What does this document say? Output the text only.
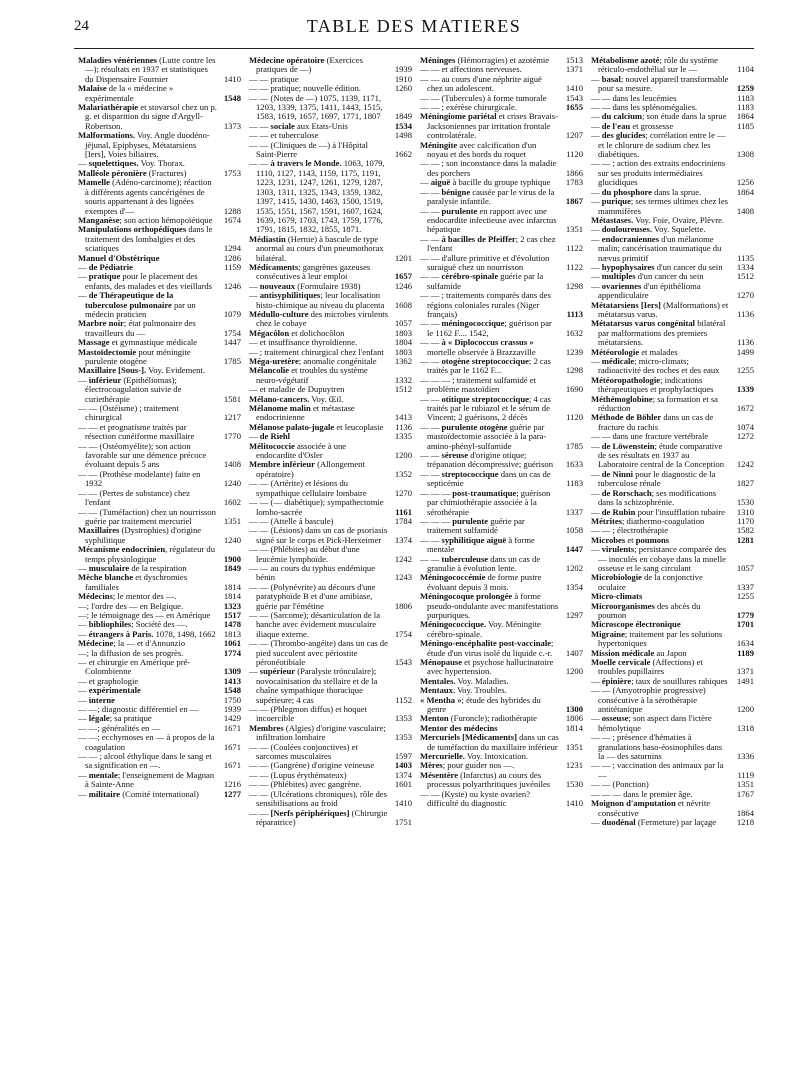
24	TABLE DES MATIERES
Maladies vénériennes (Lutte contre les —); résultats en 1937 et statistiques du Dispensaire Fournier	1410
Malaise de la « médecine » expérimentale	1548
Malariathérapie et stovarsol chez un p. g. et disparition du signe d'Argyll-Robertson.	1373
Malformations. Voy. Angle duodéno-jéjunal, Epiphyses, Métatarsiens [Iers], Voies biliaires.
— squelettiques. Voy. Thorax.
Malléole péronière (Fractures)	1753
Mamelle (Adéno-carcinome); réaction à différents agents cancérigènes de souris appartenant à des lignées exemptes d'—	1288
Manganèse; son action hémopoïétique	1674
Manipulations orthopédiques dans le traitement des lombalgies et des sciatiques	1294
Manuel d'Obstétrique	1286
— de Pédiatrie	1159
— pratique pour le placement des enfants, des malades et des vieillards	1246
— de Thérapeutique de la tuberculose pulmonaire par un médecin praticien	1079
Marbre noir; état pulmonaire des travailleurs du —	1754
Massage et gymnastique médicale	1447
Mastoïdectomie pour méningite purulente otogène	1785
Maxillaire [Sous-]. Voy. Evidement.
— inférieur (Epithéliomas); électrocoagulation suivie de curiethérapie	1581
— — (Ostéisme) ; traitement chirurgical	1217
— — et prognatisme traités par résection cunéiforme maxillaire	1770
— — (Ostéomyélite); son action favorable sur une démence précoce évoluant depuis 5 ans	1408
— — (Prothèse modelante) faite en 1932	1240
— — (Pertes de substance) chez l'enfant	1602
— — (Tuméfaction) chez un nourrisson guérie par traitement mercuriel	1351
Maxillaires (Dystrophies) d'origine syphilitique	1240
Mécanisme endocrinien, régulateur du temps physiologique	1900
— musculaire de la respiration	1849
Mèche blanche et dyschromies familiales	1814
Médecins; le mentor des —.	1814
—; l'ordre des — en Belgique.	1323
—; le témoignage des — en Amérique	1517
— bibliophiles; Société des —.	1478
— étrangers à Paris. 1078, 1498, 1662 1813
Médecine; la — et d'Annunzio	1061
—; la diffusion de ses progrès.	1774
— et chirurgie en Amérique pré-Colombienne	1309
— et graphologie	1413
— expérimentale	1548
— interne	1750
— —; diagnostic différentiel en —	1939
— légale; sa pratique	1429
— —; généralités en —	1671
— —; ecchymoses en — à propos de la coagulation	1671
— — ; alcool éthylique dans le sang et sa signification en —.	1671
— mentale; l'enseignement de Magnan à Sainte-Anne	1216
— militaire (Comité international)	1277
Médecine opératoire (Exercices pratiques de —)	1939
— — pratique	1910
— — pratique; nouvelle édition.	1260
— — (Notes de —) 1075, 1139, 1171, 1203, 1339, 1375, 1411, 1443, 1515, 1583, 1619, 1657, 1697, 1771, 1807	1849
— — sociale aux Etats-Unis	1534
— — et tuberculose	1498
— — (Cliniques de —) à l'Hôpital Saint-Pierre	1662
— — à travers le Monde. 1063, 1079, 1110, 1127, 1143, 1159, 1175, 1191, 1223, 1231, 1247, 1261, 1279, 1287, 1303, 1311, 1325, 1343, 1359, 1382, 1397, 1415, 1430, 1463, 1500, 1519, 1535, 1551, 1567, 1591, 1607, 1624, 1639, 1679, 1703, 1743, 1759, 1776, 1791, 1815, 1832, 1855, 1871.
Médiastin (Hernie) à bascule de type anormal au cours d'un pneumothorax bilatéral.	1201
Médicaments; gangrènes gazeuses consécutives à leur emploi	1657
— nouveaux (Formulaire 1938)	1246
— antisyphilitiques; leur localisation histo-chimique au niveau du placenta	1608
Médullo-culture des microbes virulents chez le cobaye	1057
Mégacôlon et dolichocôlon	1803
— et insuffisance thyroïdienne.	1804
— ; traitement chirurgical chez l'enfant	1803
Méga-uretère; anomalie congénitale	1362
Mélancolie et troubles du système neuro-végétatif	1332
— et maladie de Dupuytren	1512
Mélano-cancers. Voy. Œil.
Mélanome malin et métastase endocrinienne	1413
Mélanose palato-jugale et leucoplasie	1136
— de Riehl	1335
Mélitococcie associée à une endocardite d'Osler	1200
Membre inférieur (Allongement opératoire)	1352
— — (Artérite) et lésions du sympathique cellulaire lombaire	1270
— — (— diabétique); sympathectomie lombo-sacrée	1161
— — (Attelle à bascule)	1784
— — (Lésions) dans un cas de psoriasis signé sur le corps et Pick-Herxeimer	1374
— — (Phlébites) au début d'une leucémie lymphoïde.	1242
— — au cours du typhus endémique bénin	1243
— — (Polynévrite) au décours d'une paratyphoïde B et d'une amibiase, guérie par l'émétine	1806
— — (Sarcome); désarticulation de la hanche avec évidement musculaire iliaque externe.	1754
— — (Thrombo-angéite) dans un cas de pied succulent avec périostite péronéotibiale	1543
— supérieur (Paralysie trónculaire); novocaïnisation du stellaire et de la chaîne sympathique thoracique supérieure; 4 cas	1152
— — (Phlegmon diffus) et hoquet incoercible	1353
Membres (Algies) d'origine vasculaire; infiltration lombaire	1353
— — (Coulées conjonctives) et sarcomes musculaires	1597
— — (Gangrène) d'origine veineuse	1403
— — (Lupus érythémateux)	1374
— — (Phlébites) avec gangrène.	1601
— — (Ulcérations chroniques), rôle des sensibilisations au froid	1410
— — [Nerfs périphériques] (Chirurgie réparatrice)	1751
Méninges (Hémorragies) et azotémie	1513
— — et affections nerveuses.	1371
— — au cours d'une néphrite aiguë chez un adolescent.	1410
— — (Tubercules) à forme tumorale	1543
— — ; exérèse chirurgicale.	1655
Méningiome pariétal et crises Bravais-Jacksoniennes par irritation frontale controlatérale.	1207
Méningite avec calcification d'un noyau et des bords du roquet	1120
— — ; son inconstance dans la maladie des porchers	1866
— aiguë à bacille du groupe typhique	1783
— — bénigne causée par le virus de la paralysie infantile.	1867
— — purulente en rapport avec une endocardite infectieuse avec infarctus hépatique	1351
— — à bacilles de Pfeiffer; 2 cas chez l'enfant	1122
— — d'allure primitive et d'évolution suraiguë chez un nourrisson	1122
— — cérébro-spinale guérie par la sulfamide	1298
— — ; traitements comparés dans des régions coloniales rurales (Niger français)	1113
— — méningococcique; guérison par le 1162 F.... 1542,	1632
— — à « Diplococcus crassus » mortelle observée à Brazzaville	1239
— — otogène streptococcique; 2 cas traités par le 1162 F...	1298
— — — ; traitement sulfamidé et problème mastoïdien	1690
— — otitique streptococcique; 4 cas traités par le rubiazol et le sérum de Vincent; 2 guérisons, 2 décès	1120
— — purulente otogène guérie par mastoïdectomie associée à la para-amino-phényl-sulfamide	1785
— — séreuse d'origine otique; trépanation décompressive; guérison	1633
— — streptococcique dans un cas de septicémie	1183
— — — post-traumatique; guérison par chimiothérapie associée à la sérothérapie	1337
— — — purulente guérie par traitement sulfamidé	1058
— — syphilitique aiguë à forme mentale	1447
— — tuberculeuse dans un cas de granulie à évolution lente.	1202
Méningococcémie de forme pustre évoluant depuis 3 mois.	1354
Méningocoque prolongée à forme pseudo-ondulante avec manifestations purpuriques.	1297
Méningococcique. Voy. Méningite cérébro-spinale.
Méningo-encéphalite post-vaccinale; étude d'un virus isolé du liquide c.-r.	1407
Ménopause et psychose hallucinatoire avec hypertension.	1200
Mentales. Voy. Maladies.
Mentaux. Voy. Troubles.
« Mentha »; étude des hybrides du genre	1300
Menton (Furoncle); radiothérapie	1806
Mentor des médecins	1814
Mercuriels [Médicaments] dans un cas de tuméfaction du maxillaire inférieur 1351
Mercurielle. Voy. Intoxication.
Mères; pour guider nos —.	1231
Mésentère (Infarctus) au cours des processus polyarthritiques juvéniles	1530
— — (Kyste) ou kyste ovarien? difficulté du diagnostic	1410
Métabolisme azoté; rôle du système réticulo-endothélial sur le —	1104
— basal; nouvel appareil transformable pour sa mesure.	1259
— — dans les leucémies	1183
— — dans les splénomégalies.	1183
— du calcium; son étude dans la sprue	1864
— de l'eau et grossesse	1185
— des glucides; corrélation entre le — et le chlorure de sodium chez les diabétiques.	1308
— — ; action des extraits endocriniens sur ses produits intermédiaires glucidiques	1256
— du phosphore dans la sprue.	1864
— purique; ses termes ultimes chez les mammifères	1408
Métastases. Voy. Foie, Ovaire, Plèvre.
— douloureuses. Voy. Squelette.
— endocraniennes d'un mélanome malin; cancérisation traumatique du nævus primitif	1135
— hypophysaires d'un cancer du sein	1334
— multiples d'un cancer du sein	1512
— ovariennes d'un épithélioma appendiculaire	1270
Métatarsiens [Iers] (Malformations) et métatarsus varus.	1136
Métatarsus varus congénital bilatéral par malformations des premiers métatarsiens.	1136
Météorologie et malades	1499
— médicale; micro-climats; radioactivité des roches et des eaux	1255
Météoropathologie; indications thérapeutiques et prophylactiques	1339
Méthémoglobine; sa formation et sa réduction	1672
Méthode de Böhler dans un cas de fracture du rachis	1074
— — dans une fracture vertébrale	1272
— de Löwenstein; étude comparative de ses résultats en 1937 au Laboratoire central de la Conception	1242
— de Ninni pour le diagnostic de la tuberculose rénale	1827
— de Rorschach; ses modifications dans la schizophrénie.	1530
— de Rubin pour l'insufflation tubaire	1310
Métrites; diathermo-coagulation	1170
— — ; électrothérapie	1582
Microbes et poumons	1281
— virulents; persistance comparée des — inoculés en cobaye dans la moelle osseuse et le sang circulant	1057
Microbiologie de la conjonctive oculaire	1337
Micro-climats	1255
Microorganismes des abcès du poumon	1779
Microscope électronique	1701
Migraine; traitement par les solutions hypertoniques	1634
Mission médicale au Japon	1189
Moelle cervicale (Affections) et troubles pupillaires	1371
— épinière; taux de souillures rabiques	1491
— — (Amyotrophie progressive) consécutive à la sérothérapie antitétanique	1200
— osseuse; son aspect dans l'ictère hémolytique	1318
— — ; présence d'hématies à granulations baso-éosinophiles dans la — des saturnins	1336
— — ; vaccination des animaux par la —	1119
— — (Ponction)	1351
— — — dans le premier âge.	1767
Moignon d'amputation et névrite consécutive	1864
— duodénal (Fermeture) par laçage	1218
